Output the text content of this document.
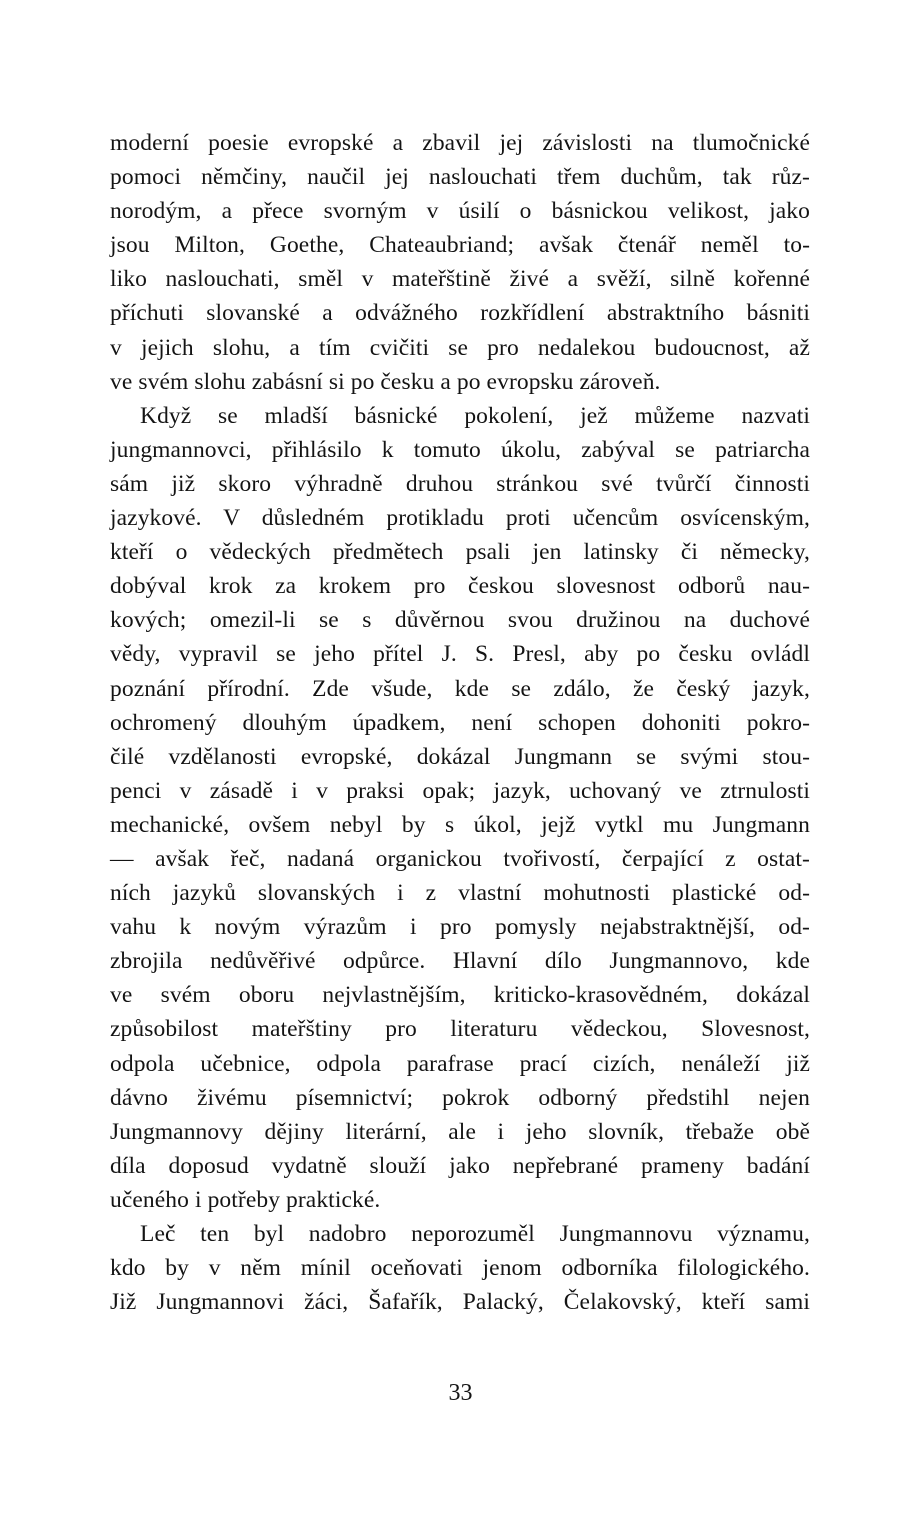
moderní poesie evropské a zbavil jej závislosti na tlumočnické
pomoci němčiny, naučil jej naslouchati třem duchům, tak růz-
norodým, a přece svorným v úsilí o básnickou velikost, jako
jsou Milton, Goethe, Chateaubriand; avšak čtenář neměl to-
liko naslouchati, směl v mateřštině živé a svěží, silně kořenné
příchuti slovanské a odvážného rozkřídlení abstraktního básniti
v jejich slohu, a tím cvičiti se pro nedalekou budoucnost, až
ve svém slohu zabásní si po česku a po evropsku zároveň.
Když se mladší básnické pokolení, jež můžeme nazvati
jungmannovci, přihlásilo k tomuto úkolu, zabýval se patriarcha
sám již skoro výhradně druhou stránkou své tvůrčí činnosti
jazykové. V důsledném protikladu proti učencům osvícenským,
kteří o vědeckých předmětech psali jen latinsky či německy,
dobýval krok za krokem pro českou slovesnost odborů nau-
kových; omezil-li se s důvěrnou svou družinou na duchové
vědy, vypravil se jeho přítel J. S. Presl, aby po česku ovládl
poznání přírodní. Zde všude, kde se zdálo, že český jazyk,
ochromený dlouhým úpadkem, není schopen dohoniti pokro-
čilé vzdělanosti evropské, dokázal Jungmann se svými stou-
penci v zásadě i v praksi opak; jazyk, uchovaný ve ztrnulosti
mechanické, ovšem nebyl by s úkol, jejž vytkl mu Jungmann
— avšak řeč, nadaná organickou tvořivostí, čerpající z ostat-
ních jazyků slovanských i z vlastní mohutnosti plastické od-
vahu k novým výrazům i pro pomysly nejabstraktnější, od-
zbrojila nedůvěřivé odpůrce. Hlavní dílo Jungmannovo, kde
ve svém oboru nejvlastnějším, kriticko-krasovědném, dokázal
způsobilost mateřštiny pro literaturu vědeckou, Slovesnost,
odpola učebnice, odpola parafrase prací cizích, nenáleží již
dávno živému písemnictví; pokrok odborný předstihl nejen
Jungmannovy dějiny literární, ale i jeho slovník, třebaže obě
díla doposud vydatně slouží jako nepřebrané prameny badání
učeného i potřeby praktické.
Leč ten byl nadobro neporozuměl Jungmannovu významu,
kdo by v něm mínil oceňovati jenom odborníka filologického.
Již Jungmannovi žáci, Šafařík, Palacký, Čelakovský, kteří sami
33
